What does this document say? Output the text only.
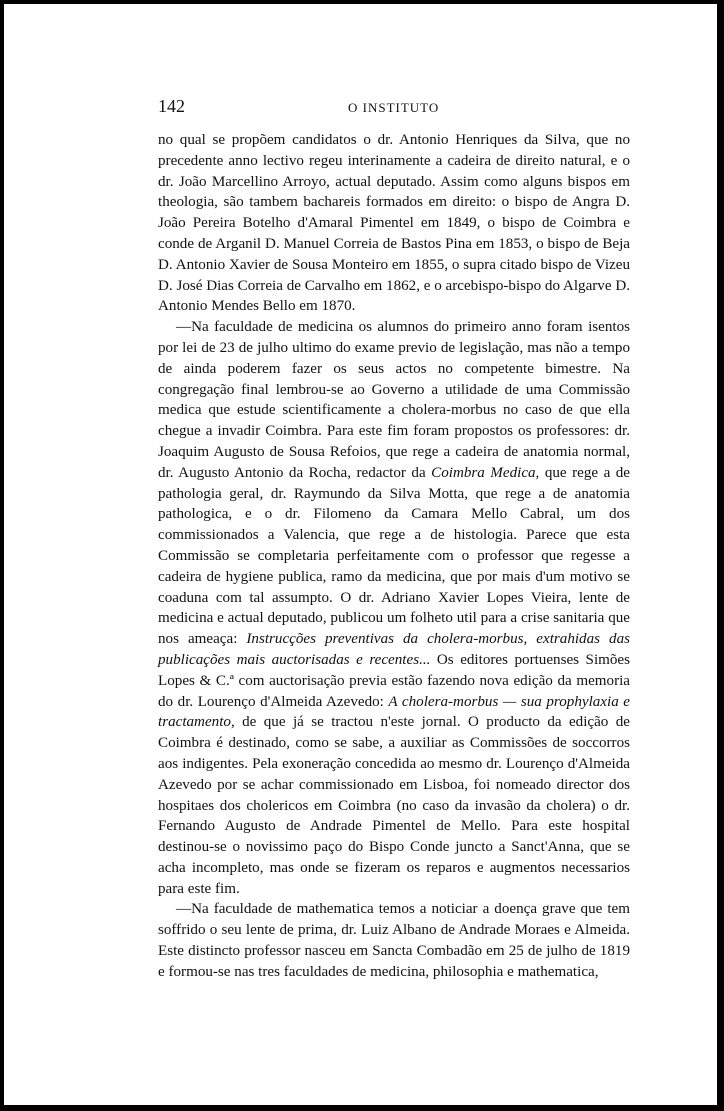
142	O INSTITUTO

no qual se propõem candidatos o dr. Antonio Henriques da Silva, que no precedente anno lectivo regeu interinamente a cadeira de direito natural, e o dr. João Marcellino Arroyo, actual deputado. Assim como alguns bispos em theologia, são tambem bachareis formados em direito: o bispo de Angra D. João Pereira Botelho d'Amaral Pimentel em 1849, o bispo de Coimbra e conde de Arganil D. Manuel Correia de Bastos Pina em 1853, o bispo de Beja D. Antonio Xavier de Sousa Monteiro em 1855, o supra citado bispo de Vizeu D. José Dias Correia de Carvalho em 1862, e o arcebispo-bispo do Algarve D. Antonio Mendes Bello em 1870.

—Na faculdade de medicina os alumnos do primeiro anno foram isentos por lei de 23 de julho ultimo do exame previo de legislação, mas não a tempo de ainda poderem fazer os seus actos no competente bimestre. Na congregação final lembrou-se ao Governo a utilidade de uma Commissão medica que estude scientificamente a cholera-morbus no caso de que ella chegue a invadir Coimbra. Para este fim foram propostos os professores: dr. Joaquim Augusto de Sousa Refoios, que rege a cadeira de anatomia normal, dr. Augusto Antonio da Rocha, redactor da Coimbra Medica, que rege a de pathologia geral, dr. Raymundo da Silva Motta, que rege a de anatomia pathologica, e o dr. Filomeno da Camara Mello Cabral, um dos commissionados a Valencia, que rege a de histologia. Parece que esta Commissão se completaria perfeitamente com o professor que regesse a cadeira de hygiene publica, ramo da medicina, que por mais d'um motivo se coaduna com tal assumpto. O dr. Adriano Xavier Lopes Vieira, lente de medicina e actual deputado, publicou um folheto util para a crise sanitaria que nos ameaça: Instrucções preventivas da cholera-morbus, extrahidas das publicações mais auctorisadas e recentes... Os editores portuenses Simões Lopes & C.ª com auctorisação previa estão fazendo nova edição da memoria do dr. Lourenço d'Almeida Azevedo: A cholera-morbus — sua prophylaxia e tractamento, de que já se tractou n'este jornal. O producto da edição de Coimbra é destinado, como se sabe, a auxiliar as Commissões de soccorros aos indigentes. Pela exoneração concedida ao mesmo dr. Lourenço d'Almeida Azevedo por se achar commissionado em Lisboa, foi nomeado director dos hospitaes dos cholericos em Coimbra (no caso da invasão da cholera) o dr. Fernando Augusto de Andrade Pimentel de Mello. Para este hospital destinou-se o novissimo paço do Bispo Conde juncto a Sanct'Anna, que se acha incompleto, mas onde se fizeram os reparos e augmentos necessarios para este fim.

—Na faculdade de mathematica temos a noticiar a doença grave que tem soffrido o seu lente de prima, dr. Luiz Albano de Andrade Moraes e Almeida. Este distincto professor nasceu em Sancta Combadão em 25 de julho de 1819 e formou-se nas tres faculdades de medicina, philosophia e mathematica,
